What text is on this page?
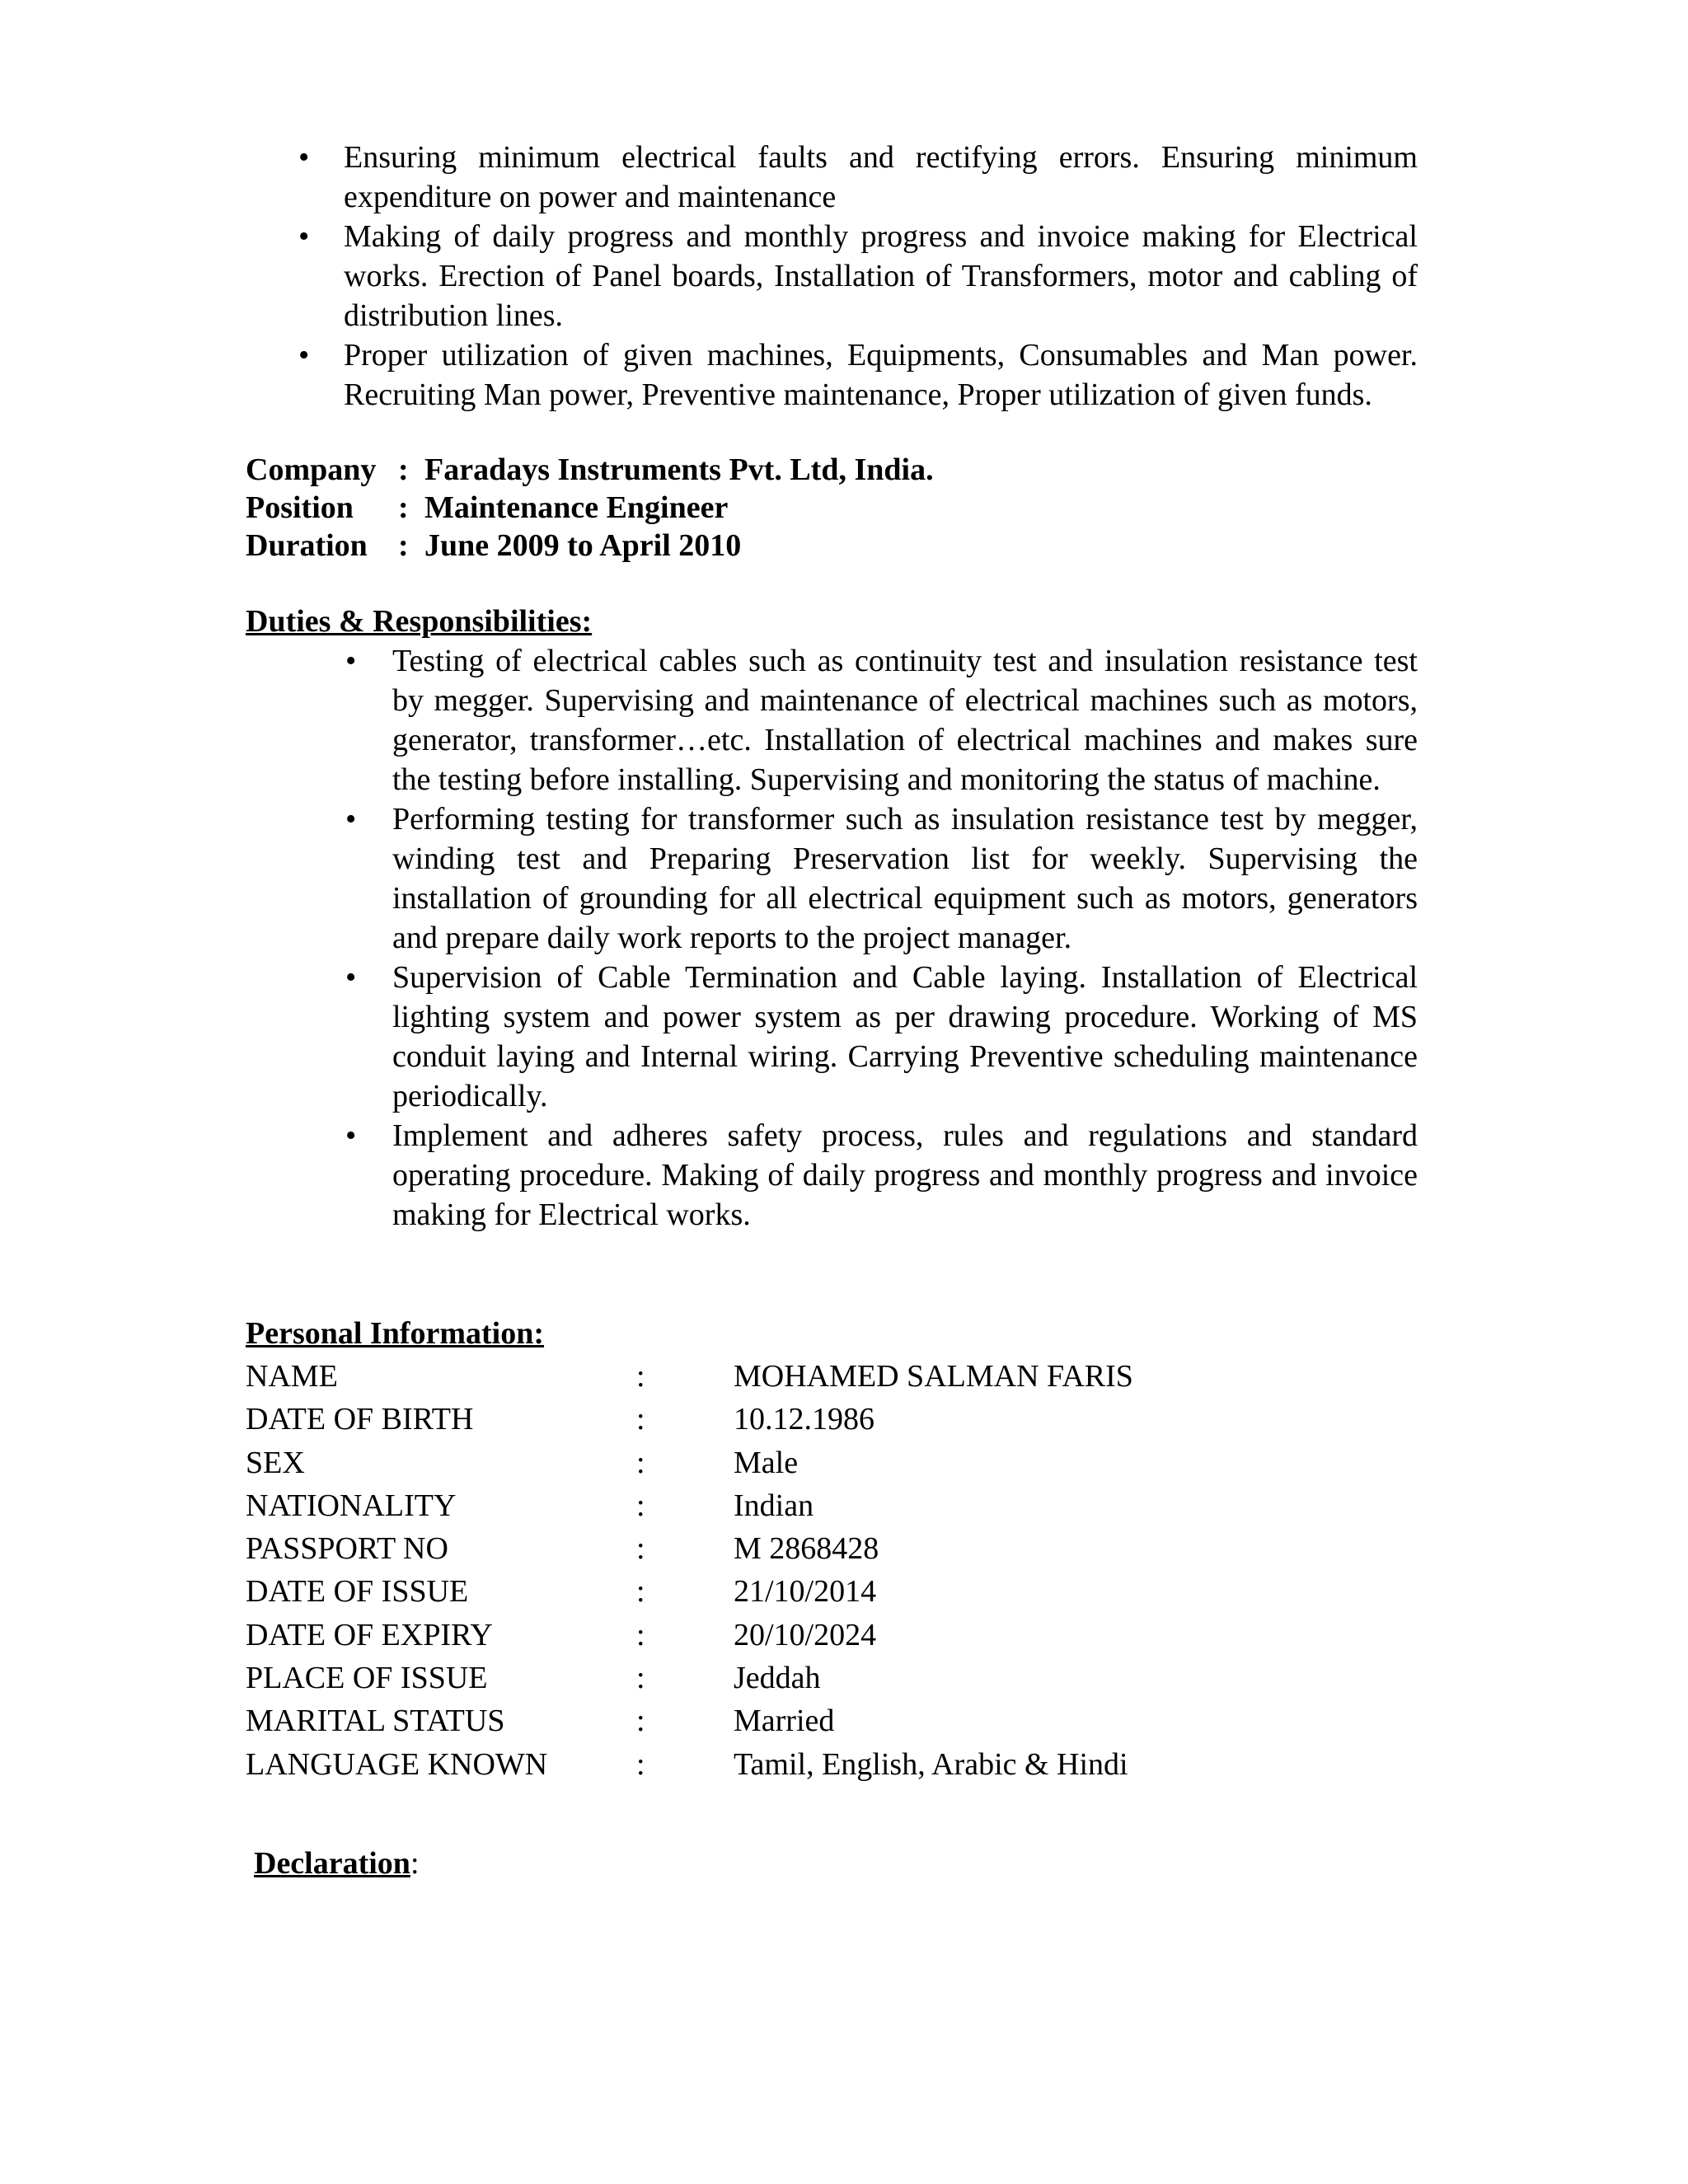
• Ensuring minimum electrical faults and rectifying errors. Ensuring minimum expenditure on power and maintenance
• Making of daily progress and monthly progress and invoice making for Electrical works. Erection of Panel boards, Installation of Transformers, motor and cabling of distribution lines.
• Proper utilization of given machines, Equipments, Consumables and Man power. Recruiting Man power, Preventive maintenance, Proper utilization of given funds.
Company : Faradays Instruments Pvt. Ltd, India.
Position : Maintenance Engineer
Duration : June 2009 to April 2010
Duties & Responsibilities:
• Testing of electrical cables such as continuity test and insulation resistance test by megger. Supervising and maintenance of electrical machines such as motors, generator, transformer…etc. Installation of electrical machines and makes sure the testing before installing. Supervising and monitoring the status of machine.
• Performing testing for transformer such as insulation resistance test by megger, winding test and Preparing Preservation list for weekly. Supervising the installation of grounding for all electrical equipment such as motors, generators and prepare daily work reports to the project manager.
• Supervision of Cable Termination and Cable laying. Installation of Electrical lighting system and power system as per drawing procedure. Working of MS conduit laying and Internal wiring. Carrying Preventive scheduling maintenance periodically.
• Implement and adheres safety process, rules and regulations and standard operating procedure. Making of daily progress and monthly progress and invoice making for Electrical works.
Personal Information:
NAME	:	MOHAMED SALMAN FARIS
DATE OF BIRTH	:	10.12.1986
SEX	:	Male
NATIONALITY	:	Indian
PASSPORT NO	:	M 2868428
DATE OF ISSUE	:	21/10/2014
DATE OF EXPIRY	:	20/10/2024
PLACE OF ISSUE	:	Jeddah
MARITAL STATUS	:	Married
LANGUAGE KNOWN	:	Tamil, English, Arabic & Hindi
Declaration:
